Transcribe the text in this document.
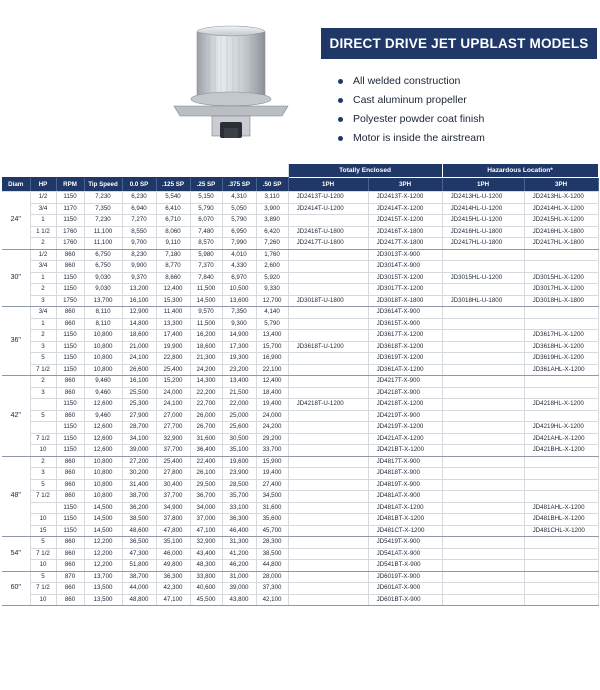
DIRECT DRIVE JET UPBLAST MODELS
All welded construction
Cast aluminum propeller
Polyester powder coat finish
Motor is inside the airstream
									Totally Enclosed		Hazardous Location*	
Diam	HP	RPM	Tip Speed	0.0 SP	.125 SP	.25 SP	.375 SP	.50 SP	1PH	3PH	1PH	3PH
24"	1/2	1150	7,230	6,230	5,540	5,150	4,310	3,110	JD2413T-U-1200	JD2413T-X-1200	JD2413HL-U-1200	JD2413HL-X-1200
	3/4	1170	7,350	6,940	6,410	5,790	5,050	3,900	JD2414T-U-1200	JD2414T-X-1200	JD2414HL-U-1200	JD2414HL-X-1200
	1	1150	7,230	7,270	6,710	6,070	5,790	3,890		JD2415T-X-1200	JD2415HL-U-1200	JD2415HL-X-1200
	1 1/2	1760	11,100	8,550	8,060	7,480	6,950	6,420	JD2416T-U-1800	JD2416T-X-1800	JD2416HL-U-1800	JD2416HL-X-1800
	2	1760	11,100	9,700	9,110	8,570	7,990	7,260	JD2417T-U-1800	JD2417T-X-1800	JD2417HL-U-1800	JD2417HL-X-1800
30"	1/2	860	6,750	8,230	7,180	5,980	4,010	1,760		JD3013T-X-900		
	3/4	860	6,750	9,900	8,770	7,370	4,330	2,600		JD3014T-X-900		
	1	1150	9,030	9,370	8,660	7,840	6,970	5,920		JD3015T-X-1200	JD3015HL-U-1200	JD3015HL-X-1200
	2	1150	9,030	13,200	12,400	11,500	10,500	9,330		JD3017T-X-1200		JD3017HL-X-1200
	3	1750	13,700	16,100	15,300	14,500	13,600	12,700	JD3018T-U-1800	JD3018T-X-1800	JD3018HL-U-1800	JD3018HL-X-1800
36"	3/4	860	8,110	12,900	11,400	9,570	7,350	4,140		JD3614T-X-900		
	1	860	8,110	14,800	13,300	11,500	9,300	5,790		JD3615T-X-900		
	2	1150	10,800	18,600	17,400	16,200	14,900	13,400		JD3617T-X-1200		JD3617HL-X-1200
	3	1150	10,800	21,000	19,900	18,600	17,300	15,700	JD3618T-U-1200	JD3618T-X-1200		JD3618HL-X-1200
	5	1150	10,800	24,100	22,800	21,300	19,300	16,900		JD3619T-X-1200		JD3619HL-X-1200
	7 1/2	1150	10,800	26,600	25,400	24,200	23,200	22,100		JD361AT-X-1200		JD361AHL-X-1200
42"	2	860	9,460	16,100	15,200	14,300	13,400	12,400		JD4217T-X-900		
	3	860	9,460	25,500	24,000	22,200	21,500	18,400		JD4218T-X-900		
		1150	12,600	25,300	24,100	22,700	22,000	19,400	JD4218T-U-1200	JD4218T-X-1200		JD4218HL-X-1200
	5	860	9,460	27,900	27,000	26,000	25,000	24,000		JD4219T-X-900		
		1150	12,600	28,700	27,700	26,700	25,600	24,200		JD4219T-X-1200		JD4219HL-X-1200
	7 1/2	1150	12,600	34,100	32,900	31,600	30,500	29,200		JD421AT-X-1200		JD421AHL-X-1200
	10	1150	12,600	39,000	37,700	36,400	35,100	33,700		JD421BT-X-1200		JD421BHL-X-1200
48"	2	860	10,800	27,200	25,400	22,400	19,600	15,900		JD4817T-X-900		
	3	860	10,800	30,200	27,800	26,100	23,900	19,400		JD4818T-X-900		
	5	860	10,800	31,400	30,400	29,500	28,500	27,400		JD4819T-X-900		
	7 1/2	860	10,800	38,700	37,700	36,700	35,700	34,500		JD481AT-X-900		
		1150	14,500	36,200	34,900	34,000	33,100	31,600		JD481AT-X-1200		JD481AHL-X-1200
	10	1150	14,500	38,500	37,800	37,000	36,300	35,600		JD481BT-X-1200		JD481BHL-X-1200
	15	1150	14,500	48,600	47,800	47,100	46,400	45,700		JD481CT-X-1200		JD481CHL-X-1200
54"	5	860	12,200	36,500	35,100	32,900	31,300	28,300		JD5419T-X-900		
	7 1/2	860	12,200	47,300	46,000	43,400	41,200	38,500		JD541AT-X-900		
	10	860	12,200	51,800	49,800	48,300	46,200	44,800		JD541BT-X-900		
60"	5	870	13,700	38,700	36,300	33,800	31,000	28,000		JD6019T-X-900		
	7 1/2	860	13,500	44,000	42,300	40,600	39,000	37,300		JD601AT-X-900		
	10	860	13,500	48,800	47,100	45,500	43,800	42,100		JD601BT-X-900		
